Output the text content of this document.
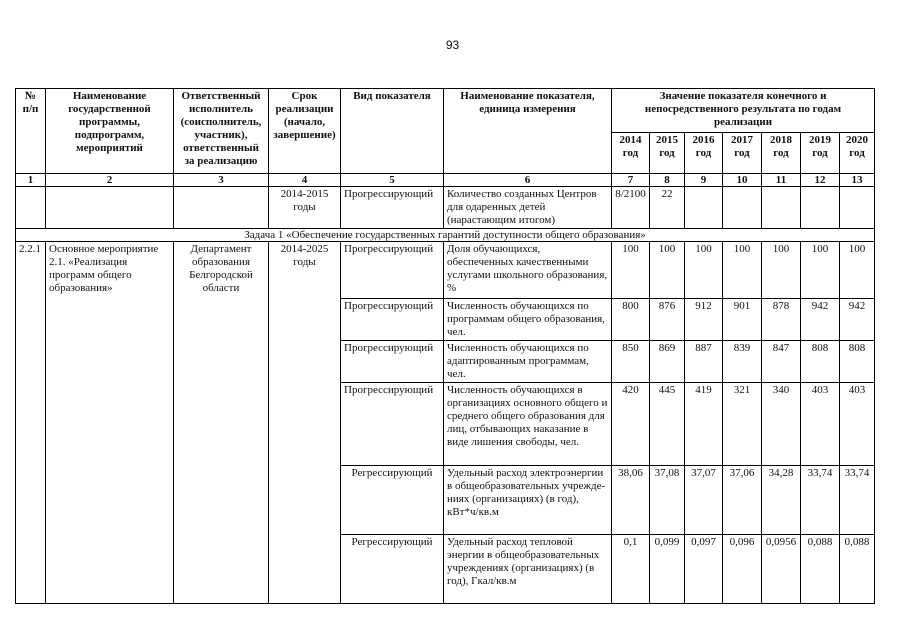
93
№ п/п	Наименование государственной программы, подпрограмм, мероприятий	Ответственный исполнитель (соисполнитель, участник), ответственный за реализацию	Срок реализации (начало, завершение)	Вид показателя	Наименование показателя, единица измерения	Значение показателя конечного и непосредственного результата по годам реализации						
						2014 год	2015 год	2016 год	2017 год	2018 год	2019 год	2020 год
1	2	3	4	5	6	7	8	9	10	11	12	13
			2014-2015 годы	Прогрессирующий	Количество созданных Центров для одаренных детей (нарастающим итогом)	8/2100	22					
Задача 1 «Обеспечение государственных гарантий доступности общего образования»												
2.2.1	Основное мероприятие 2.1. «Реализация программ общего образования»	Департамент образования Белгородской области	2014-2025 годы	Прогрессирующий	Доля обучающихся, обеспеченных качественными услугами школьного образования, %	100	100	100	100	100	100	100
				Прогрессирующий	Численность обучающихся по программам общего образования, чел.	800	876	912	901	878	942	942
				Прогрессирующий	Численность обучающихся по адаптированным программам, чел.	850	869	887	839	847	808	808
				Прогрессирующий	Численность обучающихся в организациях основного общего и среднего общего образования для лиц, отбывающих наказание в виде лишения свободы, чел.	420	445	419	321	340	403	403
				Регрессирующий	Удельный расход электроэнергии в общеобразовательных учрежде-ниях (организациях) (в год), кВт*ч/кв.м	38,06	37,08	37,07	37,06	34,28	33,74	33,74
				Регрессирующий	Удельный расход тепловой энергии в общеобразовательных учреждениях (организациях) (в год), Гкал/кв.м	0,1	0,099	0,097	0,096	0,0956	0,088	0,088
